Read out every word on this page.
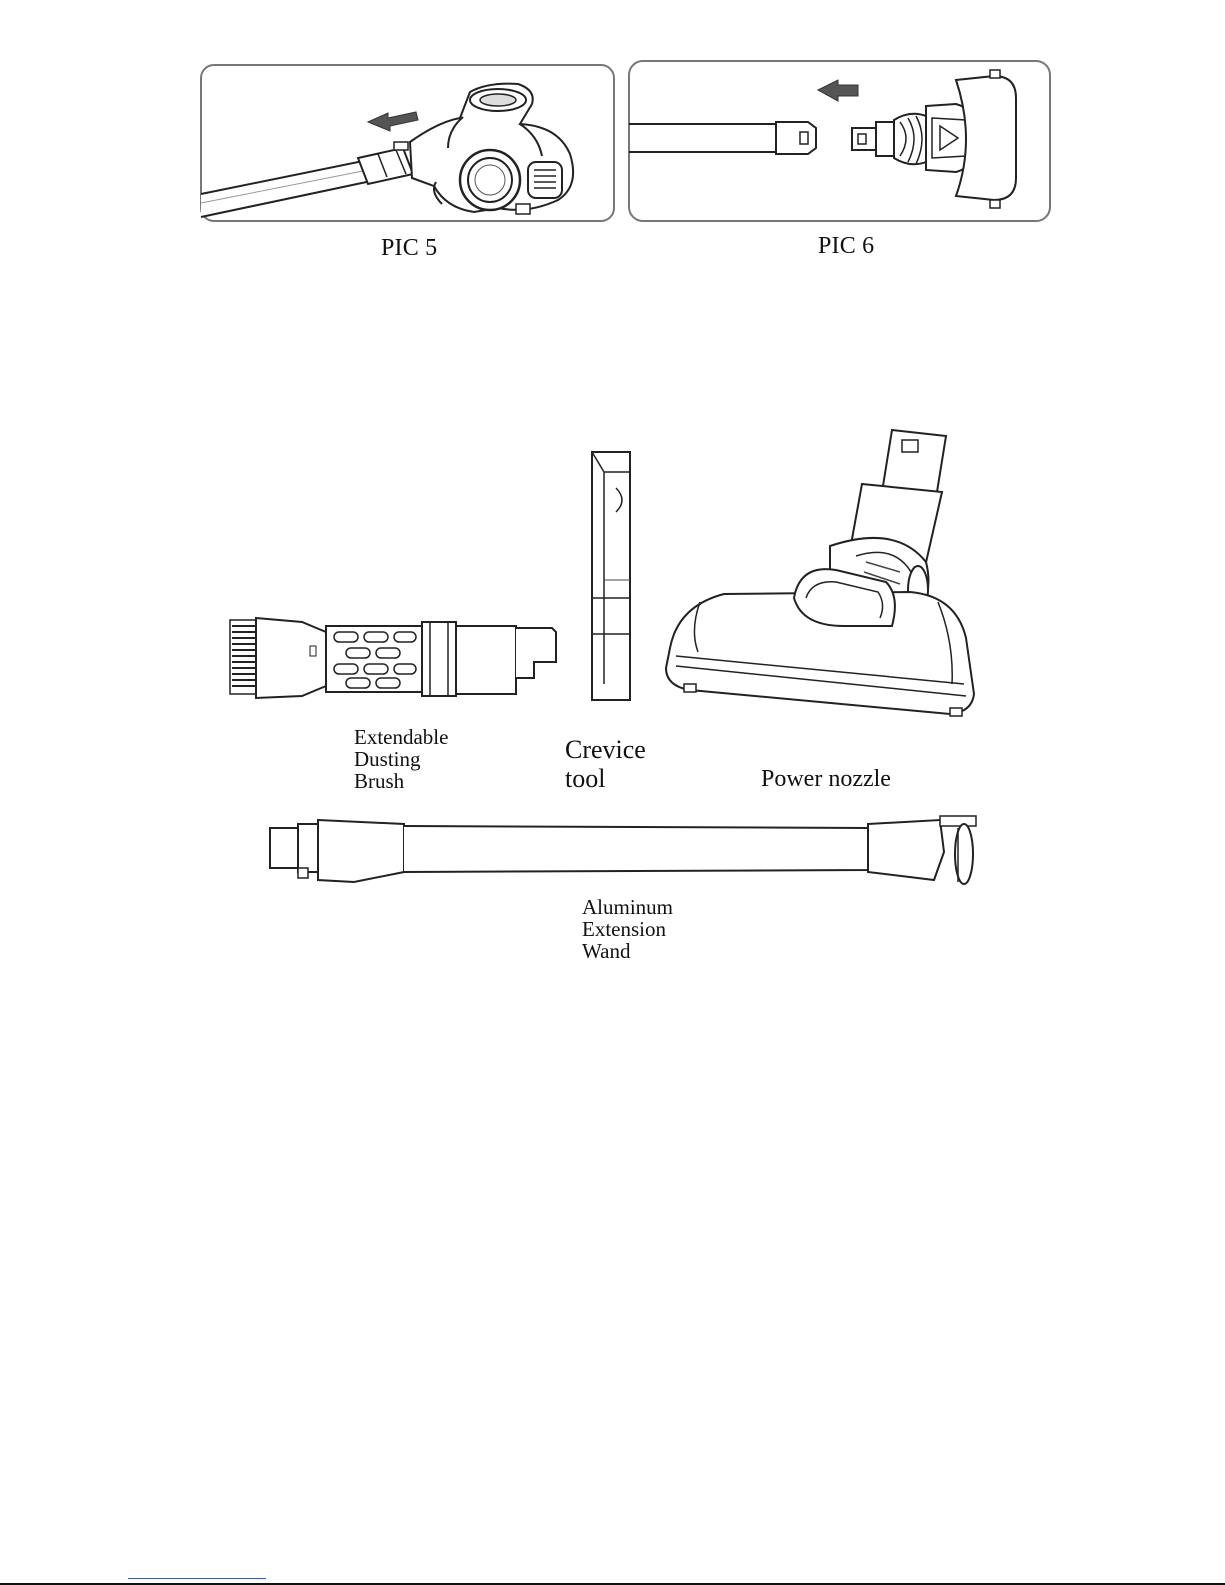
PIC 5	PIC 6
Extendable
Dusting
Brush
Crevice
tool	Power nozzle
Aluminum
Extension
Wand
